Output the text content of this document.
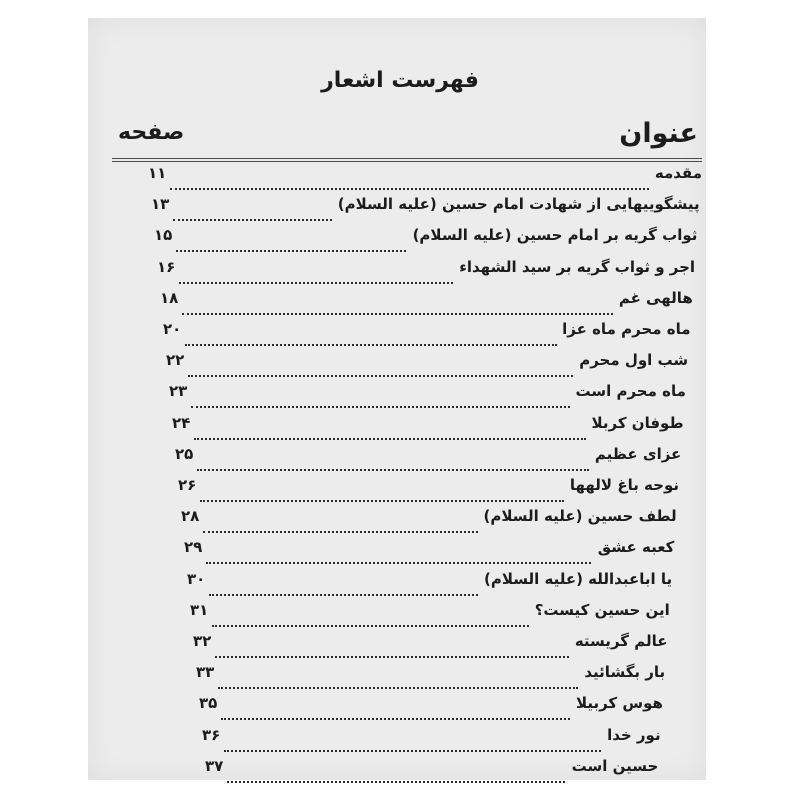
فهرست اشعار
عنوان
صفحه
مقدمه
۱۱
پیشگوییهایی از شهادت امام حسین (علیه السلام)
۱۳
ثواب گریه بر امام حسین (علیه السلام)
۱۵
اجر و ثواب گریه بر سید الشهداء
۱۶
هالهی غم
۱۸
ماه محرم ماه عزا
۲۰
شب اول محرم
۲۲
ماه محرم است
۲۳
طوفان کربلا
۲۴
عزای عظیم
۲۵
نوحه باغ لالهها
۲۶
لطف حسین (علیه السلام)
۲۸
کعبه عشق
۲۹
یا اباعبدالله (علیه السلام)
۳۰
این حسین کیست؟
۳۱
عالم گریسته
۳۲
بار بگشائید
۳۳
هوس کربیلا
۳۵
نور خدا
۳۶
حسین است
۳۷
